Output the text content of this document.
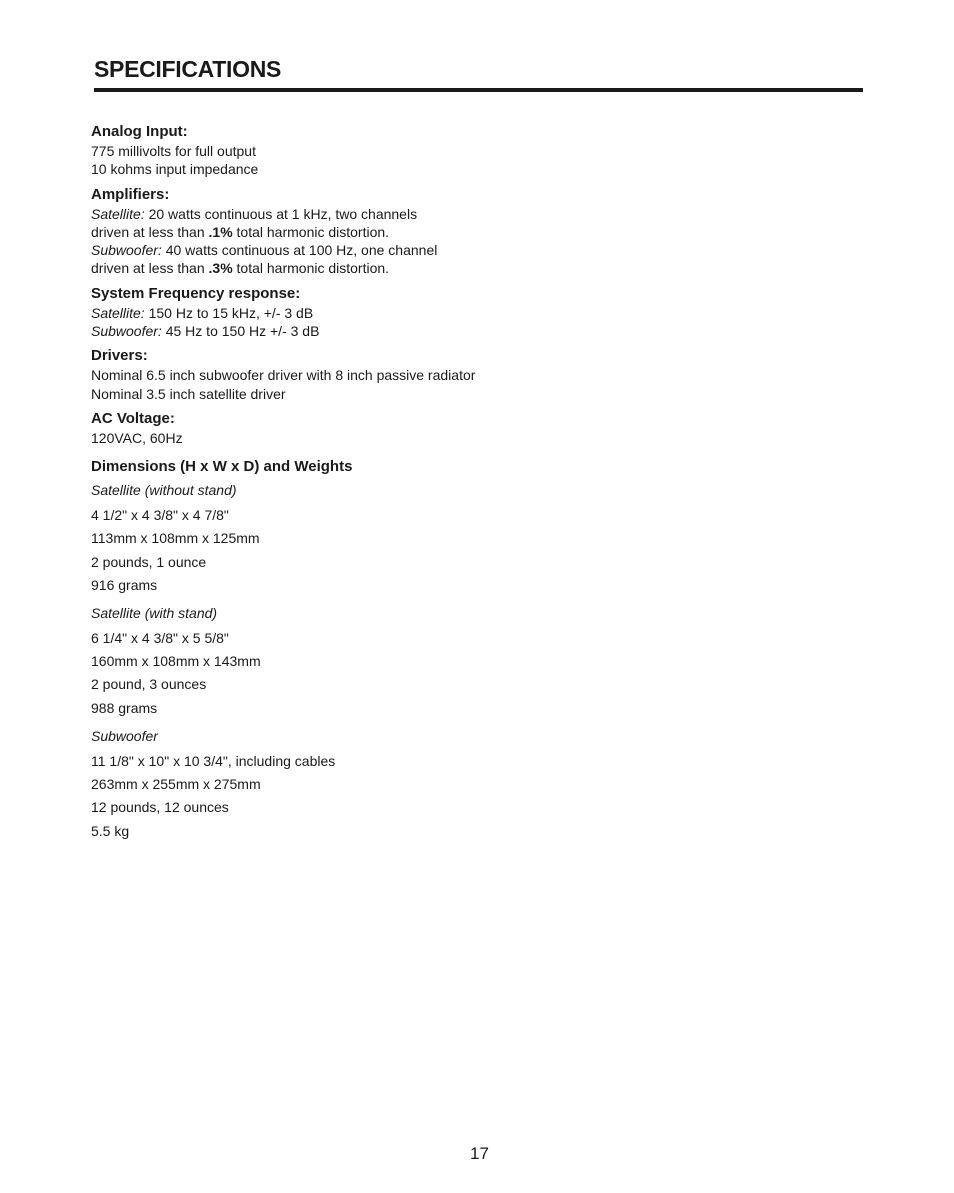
SPECIFICATIONS
Analog Input:
775 millivolts for full output
10 kohms input impedance
Amplifiers:
Satellite: 20 watts continuous at 1 kHz, two channels
driven at less than .1% total harmonic distortion.
Subwoofer: 40 watts continuous at 100 Hz, one channel
driven at less than .3% total harmonic distortion.
System Frequency response:
Satellite: 150 Hz to 15 kHz, +/- 3 dB
Subwoofer: 45 Hz to 150 Hz +/- 3 dB
Drivers:
Nominal 6.5 inch subwoofer driver with 8 inch passive radiator
Nominal 3.5 inch satellite driver
AC Voltage:
120VAC, 60Hz
Dimensions (H x W x D) and Weights
Satellite (without stand)
4 1/2" x 4 3/8" x 4 7/8"
113mm x 108mm x 125mm
2 pounds, 1 ounce
916 grams
Satellite (with stand)
6 1/4" x 4 3/8" x 5 5/8"
160mm x 108mm x 143mm
2 pound, 3 ounces
988 grams
Subwoofer
11 1/8" x 10" x 10 3/4", including cables
263mm x 255mm x 275mm
12 pounds, 12 ounces
5.5 kg
17
